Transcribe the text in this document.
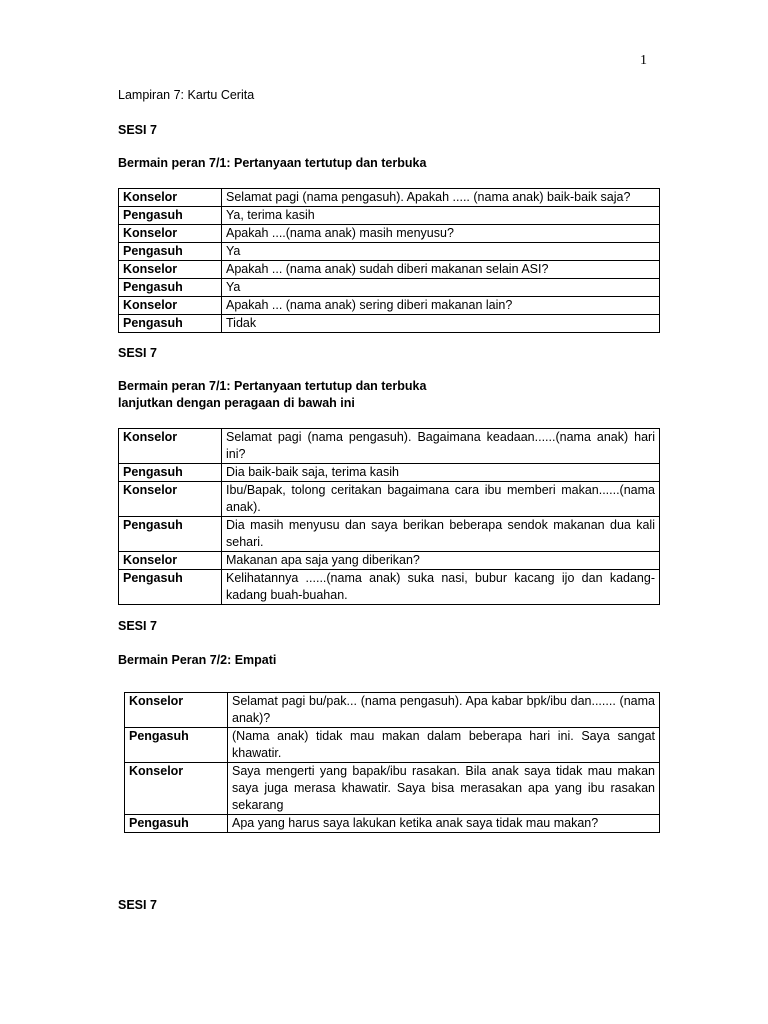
1
Lampiran 7: Kartu Cerita
SESI 7
Bermain peran 7/1: Pertanyaan tertutup dan terbuka
Konselor	Selamat pagi (nama pengasuh). Apakah ..... (nama anak) baik-baik saja?
Pengasuh	Ya, terima kasih
Konselor	Apakah ....(nama anak) masih menyusu?
Pengasuh	Ya
Konselor	Apakah ... (nama anak) sudah diberi makanan selain ASI?
Pengasuh	Ya
Konselor	Apakah ... (nama anak) sering diberi makanan lain?
Pengasuh	Tidak
SESI 7
Bermain peran 7/1: Pertanyaan tertutup dan terbuka
lanjutkan dengan peragaan di bawah ini
Konselor	Selamat pagi (nama pengasuh). Bagaimana keadaan......(nama anak) hari ini?
Pengasuh	Dia baik-baik saja, terima kasih
Konselor	Ibu/Bapak, tolong ceritakan bagaimana cara ibu memberi makan......(nama anak).
Pengasuh	Dia masih menyusu dan saya berikan beberapa sendok makanan dua kali sehari.
Konselor	Makanan apa saja yang diberikan?
Pengasuh	Kelihatannya ......(nama anak) suka nasi, bubur kacang ijo dan kadang-kadang buah-buahan.
SESI 7
Bermain Peran 7/2: Empati
Konselor	Selamat pagi bu/pak... (nama pengasuh). Apa kabar bpk/ibu dan....... (nama anak)?
Pengasuh	(Nama anak) tidak mau makan dalam beberapa hari ini. Saya sangat khawatir.
Konselor	Saya mengerti yang bapak/ibu rasakan. Bila anak saya tidak mau makan saya juga merasa khawatir. Saya bisa merasakan apa yang ibu rasakan sekarang
Pengasuh	Apa yang harus saya lakukan ketika anak saya tidak mau makan?
SESI 7
